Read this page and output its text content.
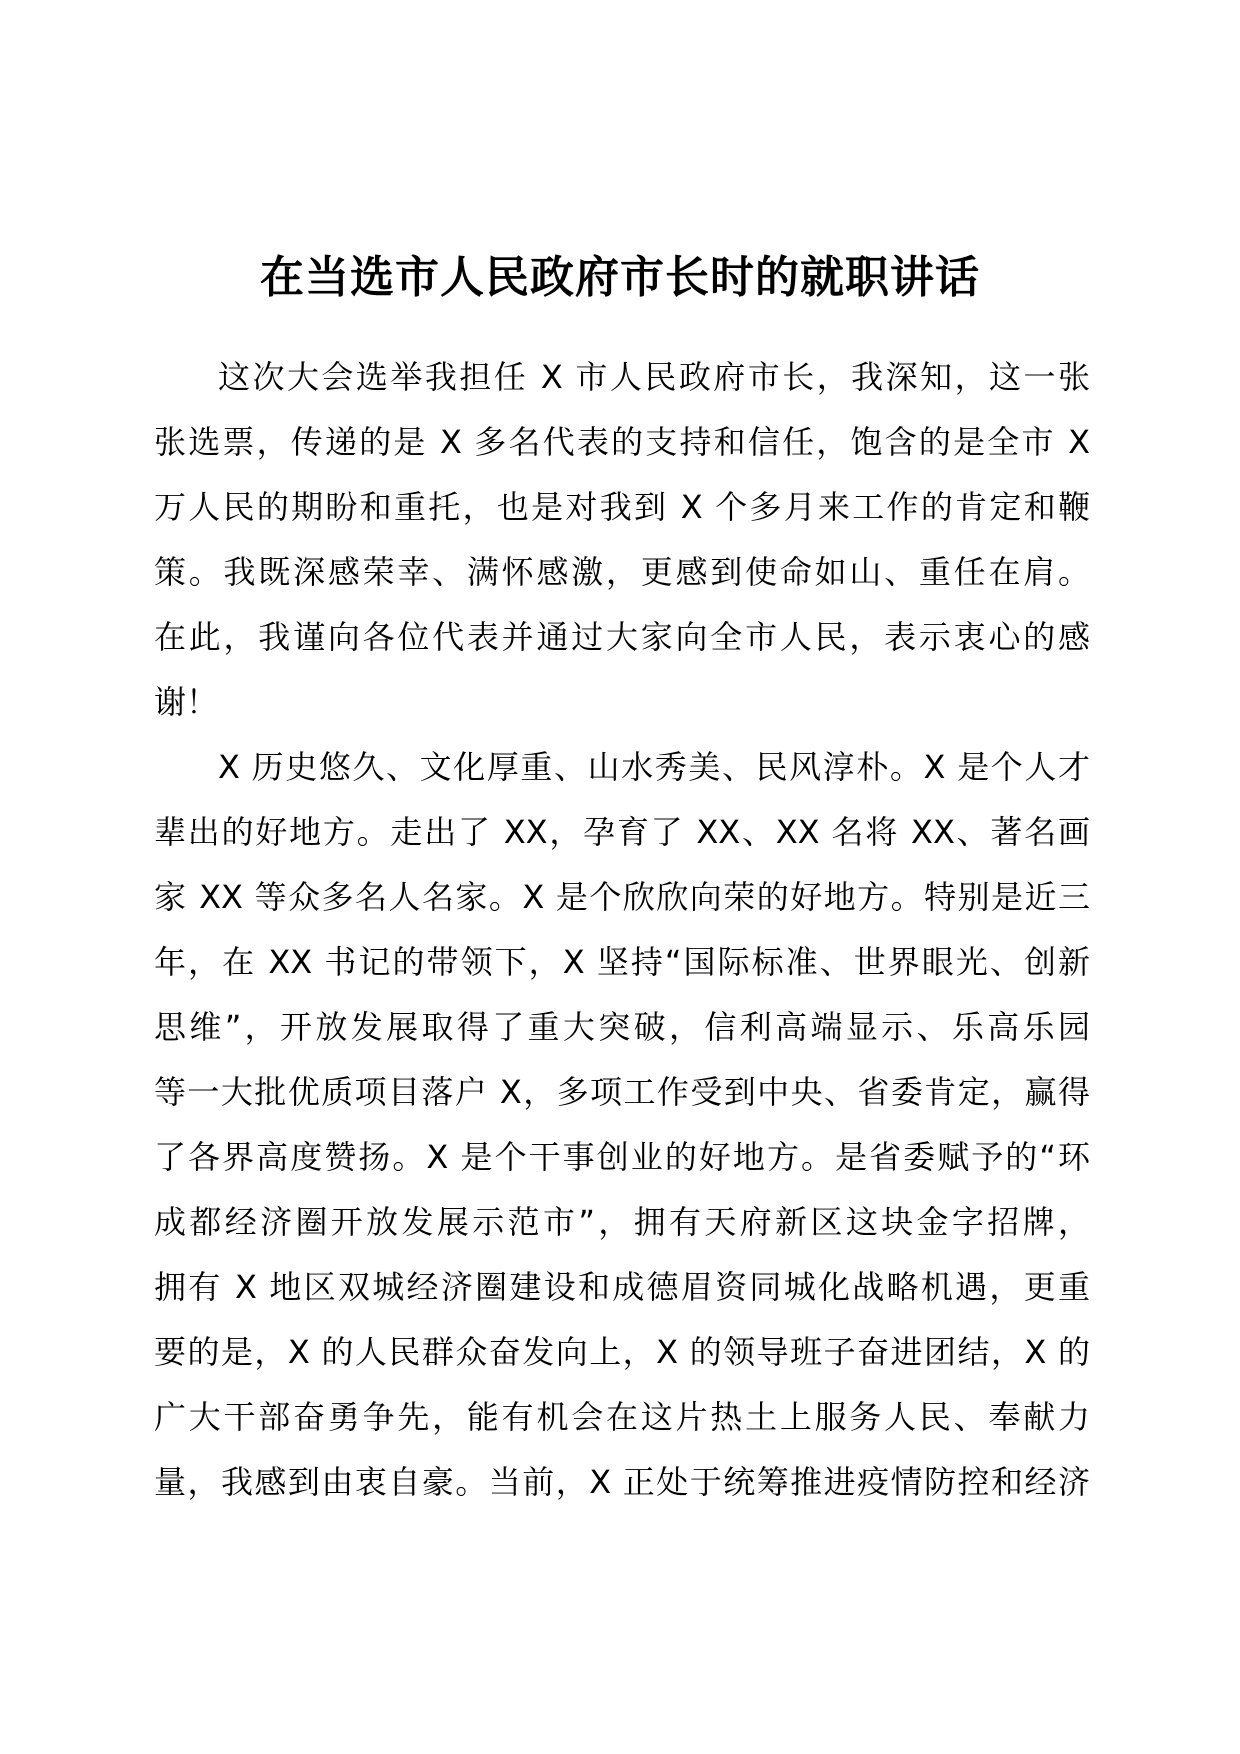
在当选市人民政府市长时的就职讲话
这次大会选举我担任 X 市人民政府市长，我深知，这一张
张选票，传递的是 X 多名代表的支持和信任，饱含的是全市 X
万人民的期盼和重托，也是对我到 X 个多月来工作的肯定和鞭
策。我既深感荣幸、满怀感激，更感到使命如山、重任在肩。
在此，我谨向各位代表并通过大家向全市人民，表示衷心的感
谢！
X 历史悠久、文化厚重、山水秀美、民风淳朴。X 是个人才
辈出的好地方。走出了 XX，孕育了 XX、XX 名将 XX、著名画
家 XX 等众多名人名家。X 是个欣欣向荣的好地方。特别是近三
年，在 XX 书记的带领下，X 坚持“国际标准、世界眼光、创新
思维”，开放发展取得了重大突破，信利高端显示、乐高乐园
等一大批优质项目落户 X，多项工作受到中央、省委肯定，赢得
了各界高度赞扬。X 是个干事创业的好地方。是省委赋予的“环
成都经济圈开放发展示范市”，拥有天府新区这块金字招牌，
拥有 X 地区双城经济圈建设和成德眉资同城化战略机遇，更重
要的是，X 的人民群众奋发向上，X 的领导班子奋进团结，X 的
广大干部奋勇争先，能有机会在这片热土上服务人民、奉献力
量，我感到由衷自豪。当前，X 正处于统筹推进疫情防控和经济
